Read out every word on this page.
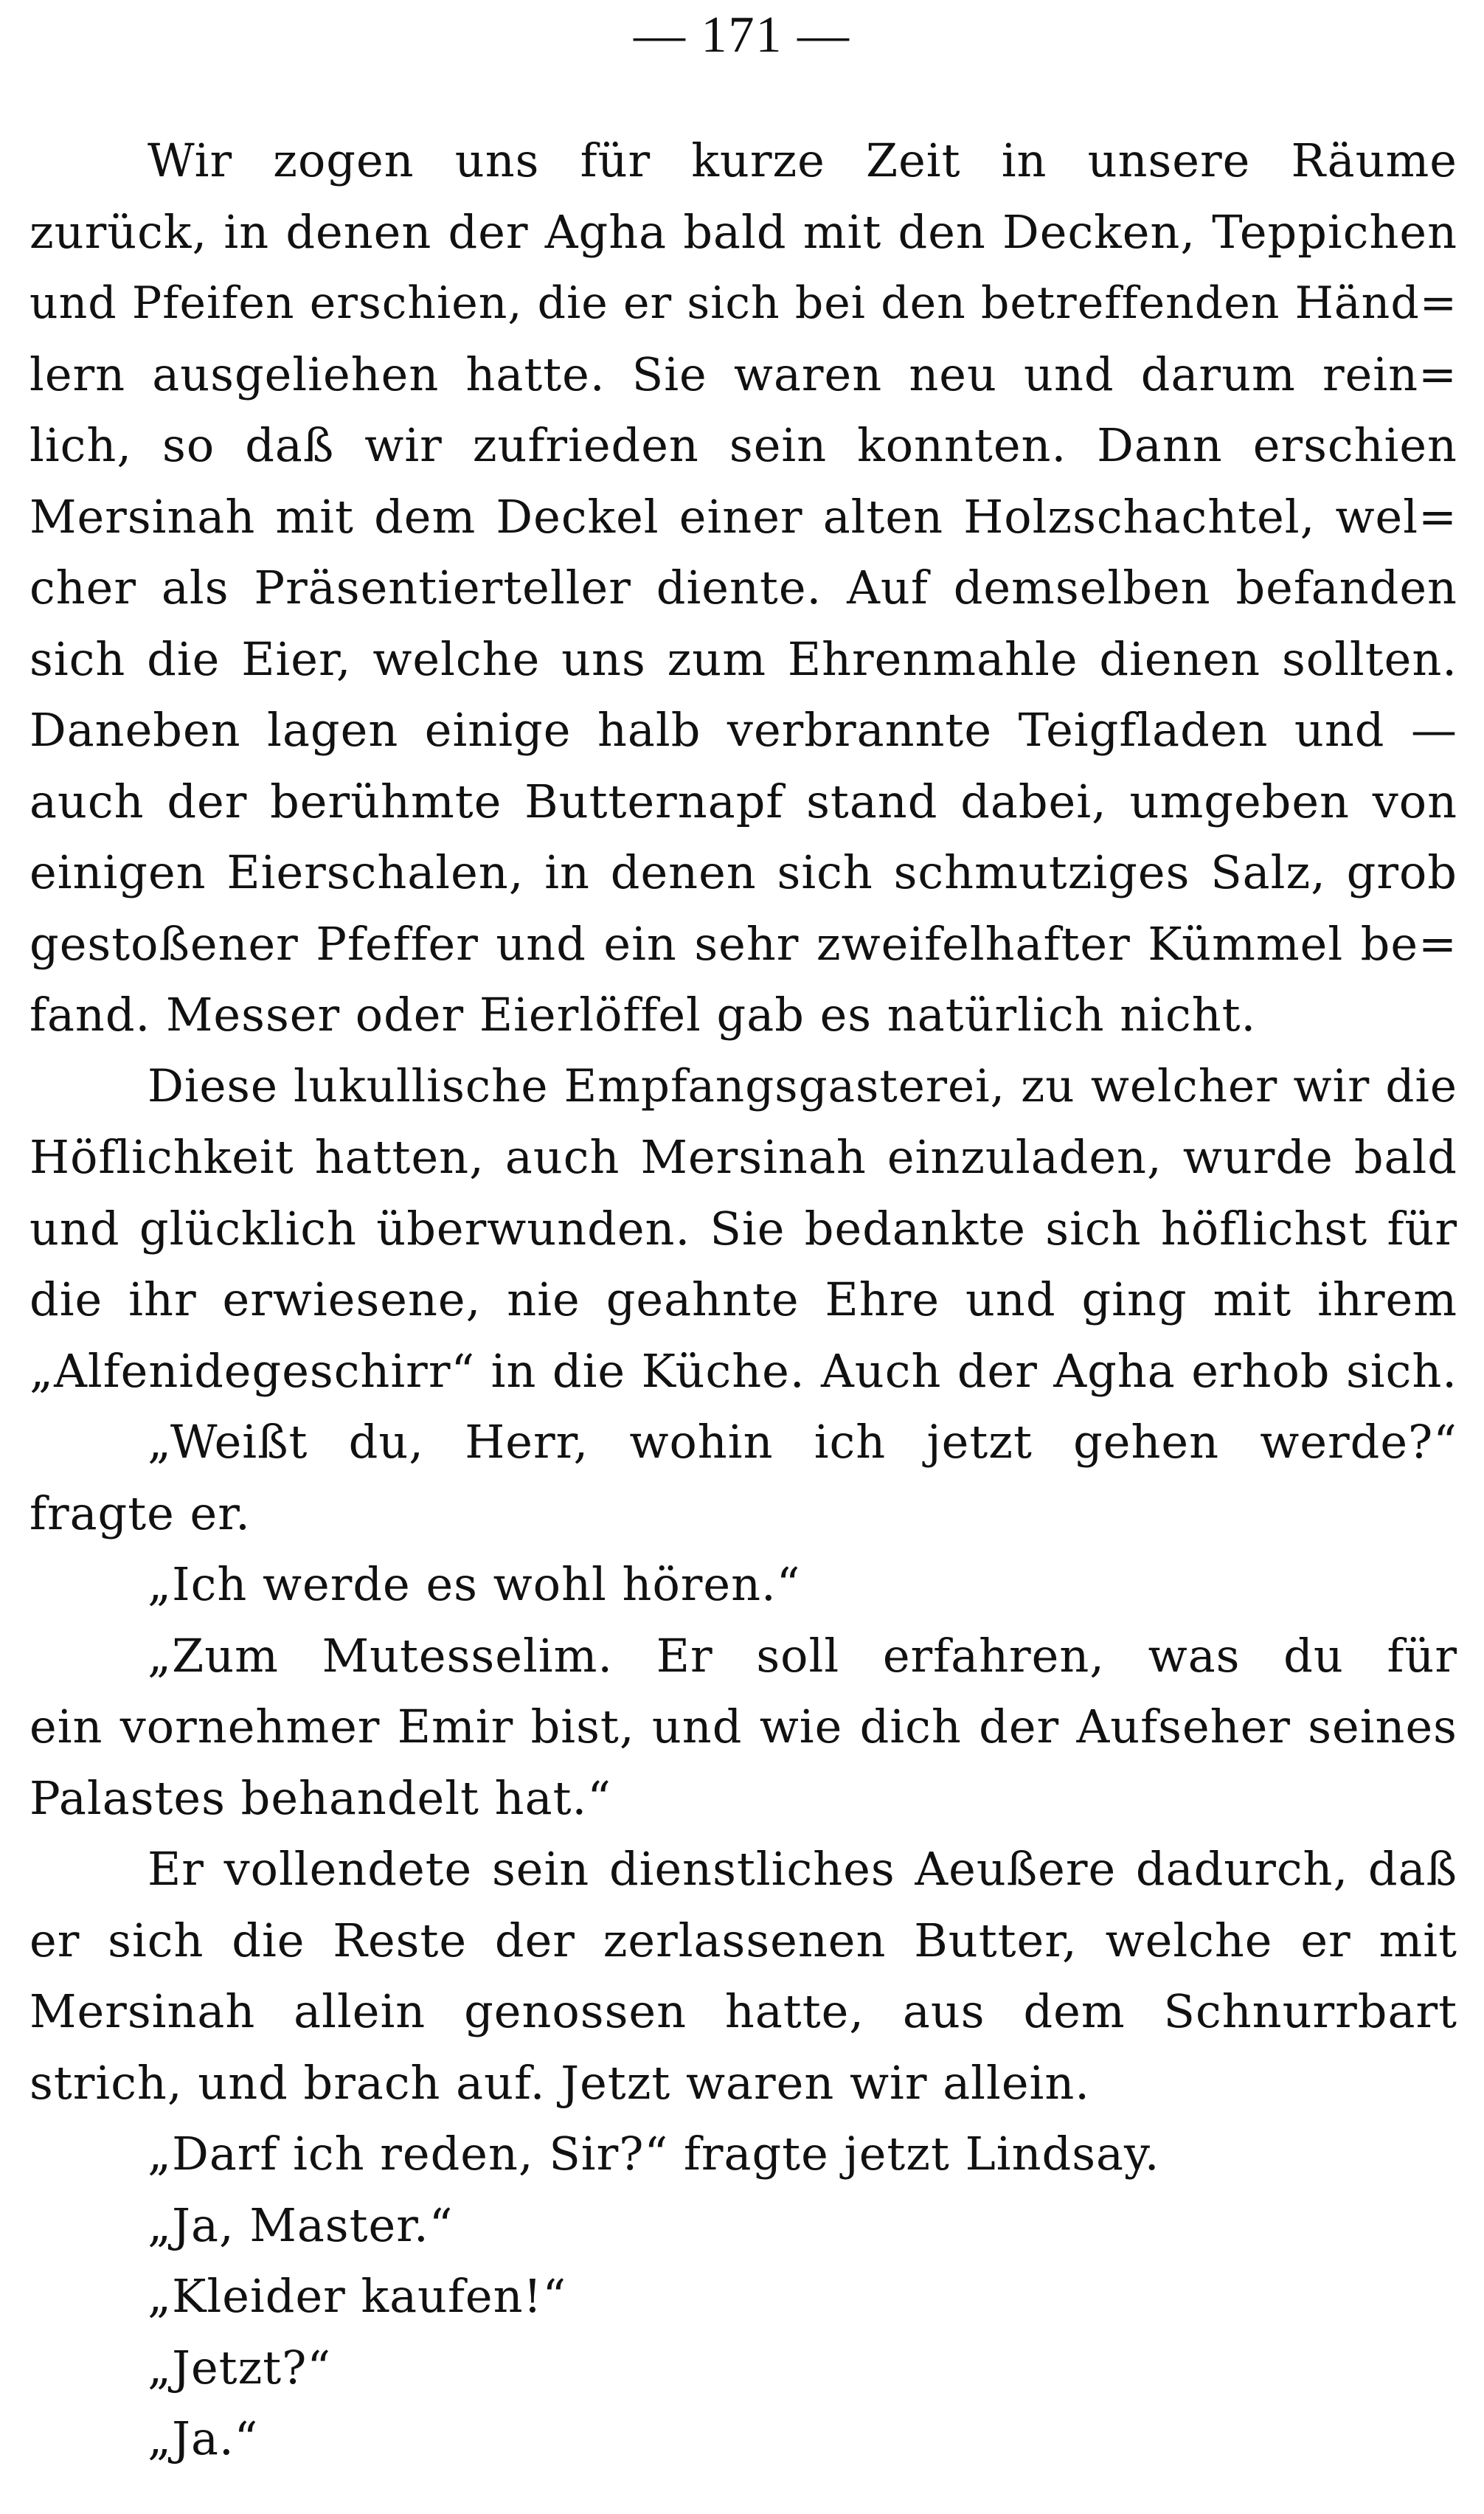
— 171 —
Wir zogen uns für kurze Zeit in unsere Räume
zurück, in denen der Agha bald mit den Decken, Teppichen
und Pfeifen erschien, die er sich bei den betreffenden Händ=
lern ausgeliehen hatte. Sie waren neu und darum rein=
lich, so daß wir zufrieden sein konnten. Dann erschien
Mersinah mit dem Deckel einer alten Holzschachtel, wel=
cher als Präsentierteller diente. Auf demselben befanden
sich die Eier, welche uns zum Ehrenmahle dienen sollten.
Daneben lagen einige halb verbrannte Teigfladen und —
auch der berühmte Butternapf stand dabei, umgeben von
einigen Eierschalen, in denen sich schmutziges Salz, grob
gestoßener Pfeffer und ein sehr zweifelhafter Kümmel be=
fand. Messer oder Eierlöffel gab es natürlich nicht.
Diese lukullische Empfangsgasterei, zu welcher wir die
Höflichkeit hatten, auch Mersinah einzuladen, wurde bald
und glücklich überwunden. Sie bedankte sich höflichst für
die ihr erwiesene, nie geahnte Ehre und ging mit ihrem
„Alfenidegeschirr“ in die Küche. Auch der Agha erhob sich.
„Weißt du, Herr, wohin ich jetzt gehen werde?“
fragte er.
„Ich werde es wohl hören.“
„Zum Mutesselim. Er soll erfahren, was du für
ein vornehmer Emir bist, und wie dich der Aufseher seines
Palastes behandelt hat.“
Er vollendete sein dienstliches Aeußere dadurch, daß
er sich die Reste der zerlassenen Butter, welche er mit
Mersinah allein genossen hatte, aus dem Schnurrbart
strich, und brach auf. Jetzt waren wir allein.
„Darf ich reden, Sir?“ fragte jetzt Lindsay.
„Ja, Master.“
„Kleider kaufen!“
„Jetzt?“
„Ja.“
